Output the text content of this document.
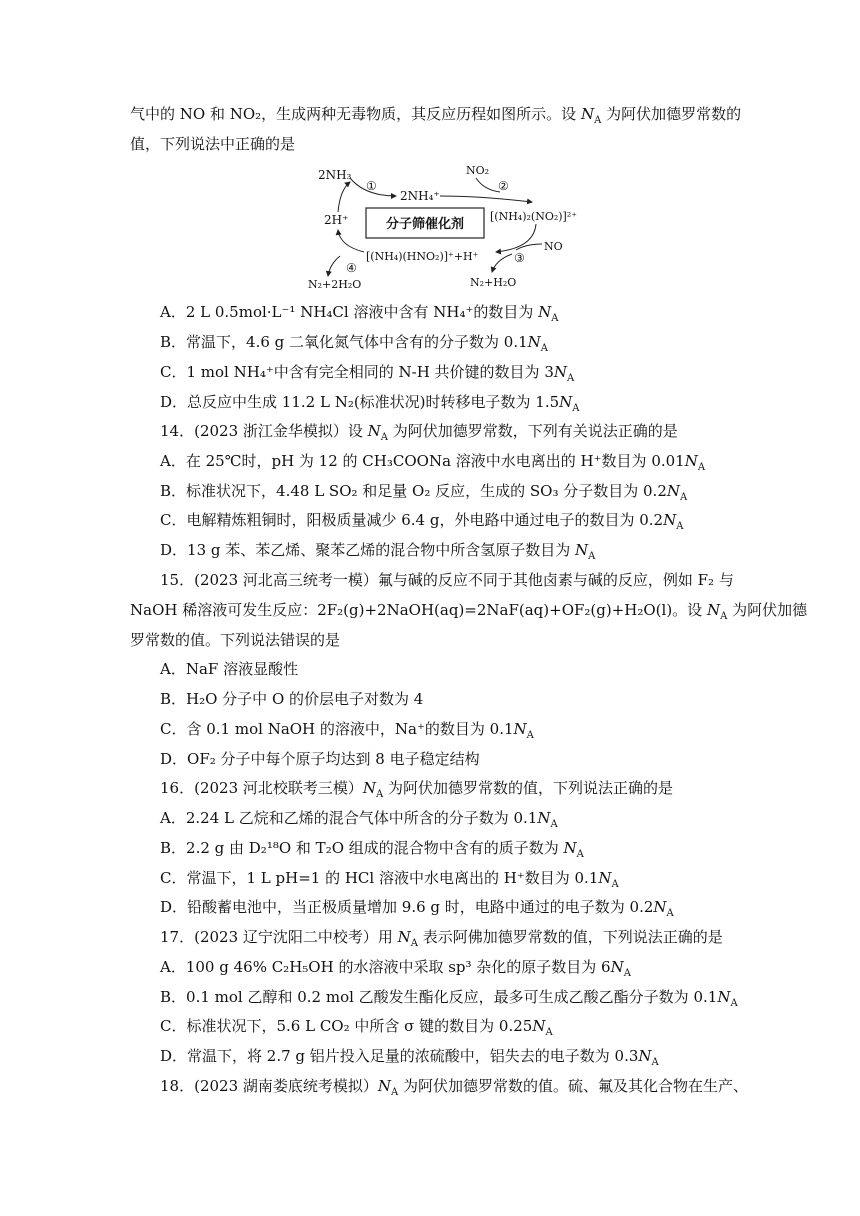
气中的 NO 和 NO₂，生成两种无毒物质，其反应历程如图所示。设 $N_A$ 为阿伏加德罗常数的
值，下列说法中正确的是
分子筛催化剂
2NH₃
2NH₄⁺
NO₂
[(NH₄)₂(NO₂)]²⁺
NO
2H⁺
[(NH₄)(HNO₂)]⁺+H⁺
N₂+2H₂O	N₂+H₂O
①	②
③
④
A．2 L 0.5mol·L⁻¹ NH₄Cl 溶液中含有 NH₄⁺的数目为 $N_A$
B．常温下，4.6 g 二氧化氮气体中含有的分子数为 $0.1N_A$
C．1 mol NH₄⁺中含有完全相同的 N-H 共价键的数目为 $3N_A$
D．总反应中生成 11.2 L N₂(标准状况)时转移电子数为 $1.5N_A$
14．(2023 浙江金华模拟）设 $N_A$ 为阿伏加德罗常数，下列有关说法正确的是
A．在 25℃时，pH 为 12 的 CH₃COONa 溶液中水电离出的 H⁺数目为 $0.01N_A$
B．标准状况下，4.48 L SO₂ 和足量 O₂ 反应，生成的 SO₃ 分子数目为 $0.2N_A$
C．电解精炼粗铜时，阳极质量减少 6.4 g，外电路中通过电子的数目为 $0.2N_A$
D．13 g 苯、苯乙烯、聚苯乙烯的混合物中所含氢原子数目为 $N_A$
15．(2023 河北高三统考一模）氟与碱的反应不同于其他卤素与碱的反应，例如 F₂ 与
NaOH 稀溶液可发生反应：2F₂(g)+2NaOH(aq)=2NaF(aq)+OF₂(g)+H₂O(l)。设 $N_A$ 为阿伏加德
罗常数的值。下列说法错误的是
A．NaF 溶液显酸性
B．H₂O 分子中 O 的价层电子对数为 4
C．含 0.1 mol NaOH 的溶液中，Na⁺的数目为 $0.1N_A$
D．OF₂ 分子中每个原子均达到 8 电子稳定结构
16．(2023 河北校联考三模）$N_A$ 为阿伏加德罗常数的值，下列说法正确的是
A．2.24 L 乙烷和乙烯的混合气体中所含的分子数为 $0.1N_A$
B．2.2 g 由 D₂¹⁸O 和 T₂O 组成的混合物中含有的质子数为 $N_A$
C．常温下，1 L pH=1 的 HCl 溶液中水电离出的 H⁺数目为 $0.1N_A$
D．铅酸蓄电池中，当正极质量增加 9.6 g 时，电路中通过的电子数为 $0.2N_A$
17．(2023 辽宁沈阳二中校考）用 $N_A$ 表示阿佛加德罗常数的值，下列说法正确的是
A．100 g 46% C₂H₅OH 的水溶液中采取 sp³ 杂化的原子数目为 $6N_A$
B．0.1 mol 乙醇和 0.2 mol 乙酸发生酯化反应，最多可生成乙酸乙酯分子数为 $0.1N_A$
C．标准状况下，5.6 L CO₂ 中所含 σ 键的数目为 $0.25N_A$
D．常温下，将 2.7 g 铝片投入足量的浓硫酸中，铝失去的电子数为 $0.3N_A$
18．(2023 湖南娄底统考模拟）$N_A$ 为阿伏加德罗常数的值。硫、氟及其化合物在生产、
